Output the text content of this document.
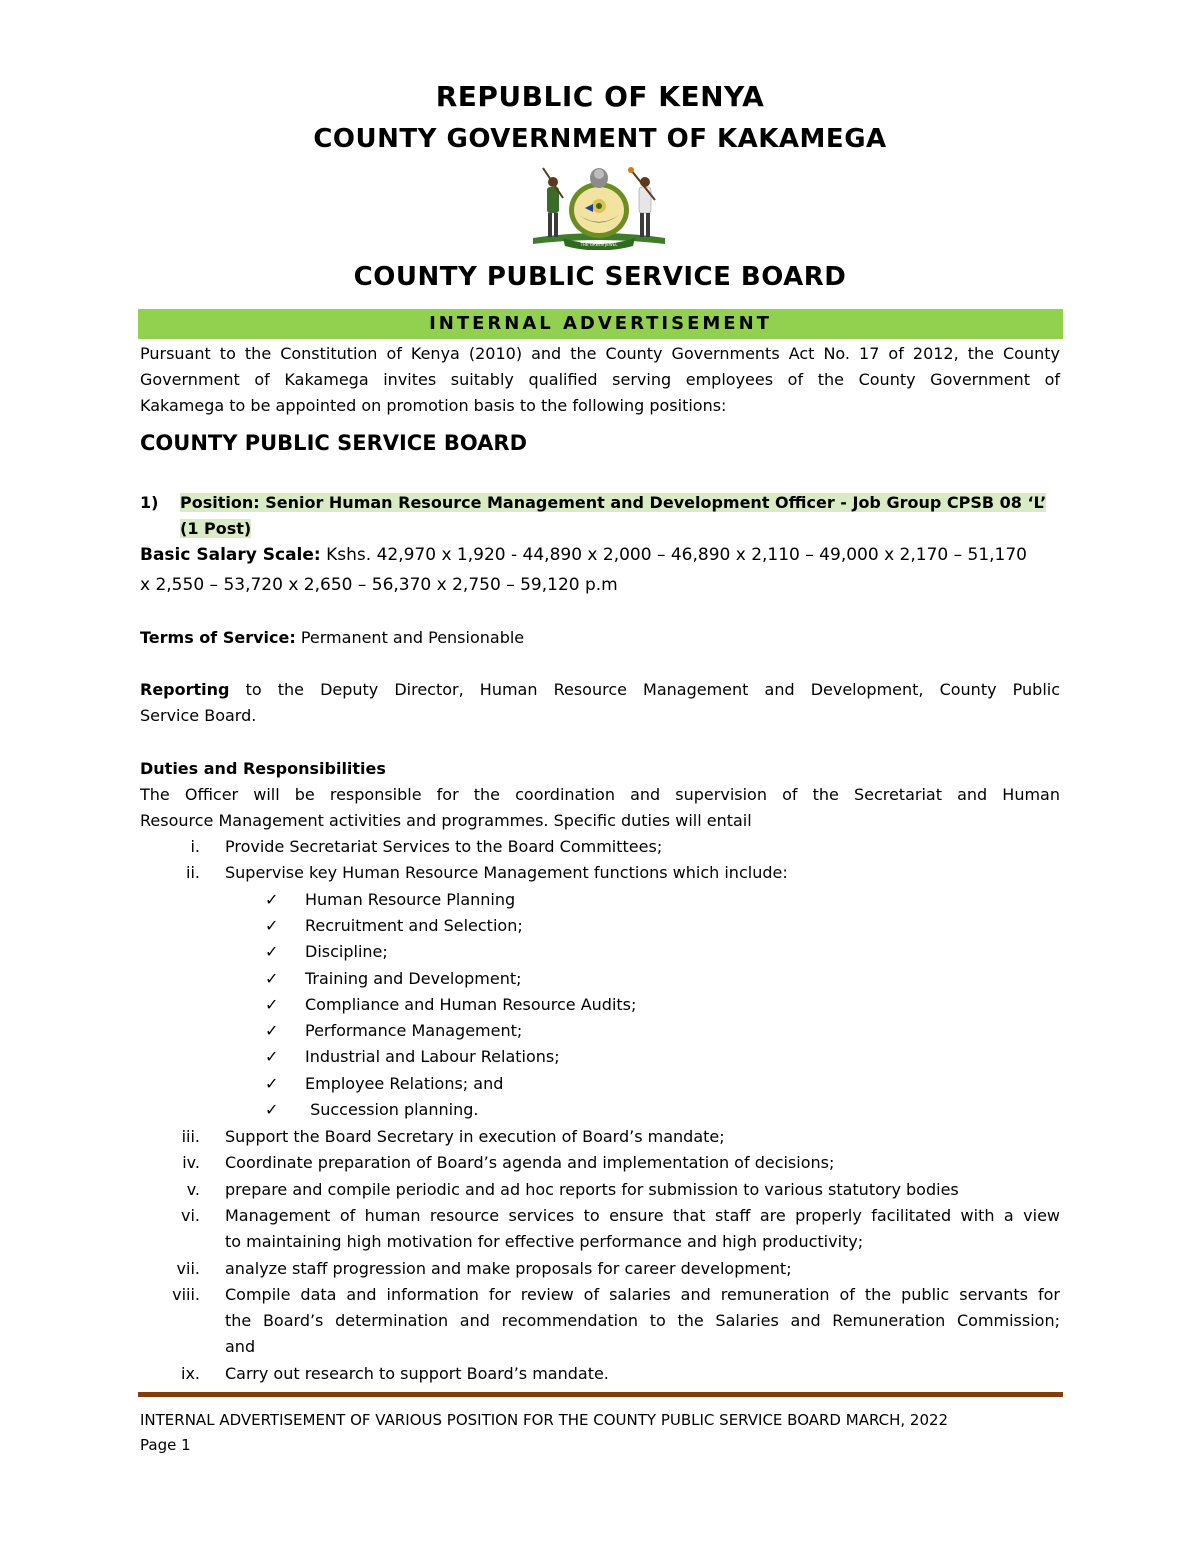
REPUBLIC OF KENYA
COUNTY GOVERNMENT OF KAKAMEGA
THE GREEN JEWEL
COUNTY PUBLIC SERVICE BOARD
INTERNAL ADVERTISEMENT
Pursuant to the Constitution of Kenya (2010) and the County Governments Act No. 17 of 2012, the County
Government of Kakamega invites suitably qualified serving employees of the County Government of
Kakamega to be appointed on promotion basis to the following positions:
COUNTY PUBLIC SERVICE BOARD
1) Position: Senior Human Resource Management and Development Officer - Job Group CPSB 08 ‘L’
(1 Post)
Basic Salary Scale: Kshs. 42,970 x 1,920 - 44,890 x 2,000 – 46,890 x 2,110 – 49,000 x 2,170 – 51,170
x 2,550 – 53,720 x 2,650 – 56,370 x 2,750 – 59,120 p.m
Terms of Service: Permanent and Pensionable
Reporting to the Deputy Director, Human Resource Management and Development, County Public
Service Board.
Duties and Responsibilities
The Officer will be responsible for the coordination and supervision of the Secretariat and Human
Resource Management activities and programmes. Specific duties will entail
i. Provide Secretariat Services to the Board Committees;
ii. Supervise key Human Resource Management functions which include:
✓ Human Resource Planning
✓ Recruitment and Selection;
✓ Discipline;
✓ Training and Development;
✓ Compliance and Human Resource Audits;
✓ Performance Management;
✓ Industrial and Labour Relations;
✓ Employee Relations; and
✓ Succession planning.
iii. Support the Board Secretary in execution of Board’s mandate;
iv. Coordinate preparation of Board’s agenda and implementation of decisions;
v. prepare and compile periodic and ad hoc reports for submission to various statutory bodies
vi. Management of human resource services to ensure that staff are properly facilitated with a view
to maintaining high motivation for effective performance and high productivity;
vii. analyze staff progression and make proposals for career development;
viii. Compile data and information for review of salaries and remuneration of the public servants for
the Board’s determination and recommendation to the Salaries and Remuneration Commission;
and
ix. Carry out research to support Board’s mandate.
INTERNAL ADVERTISEMENT OF VARIOUS POSITION FOR THE COUNTY PUBLIC SERVICE BOARD MARCH, 2022
Page 1
